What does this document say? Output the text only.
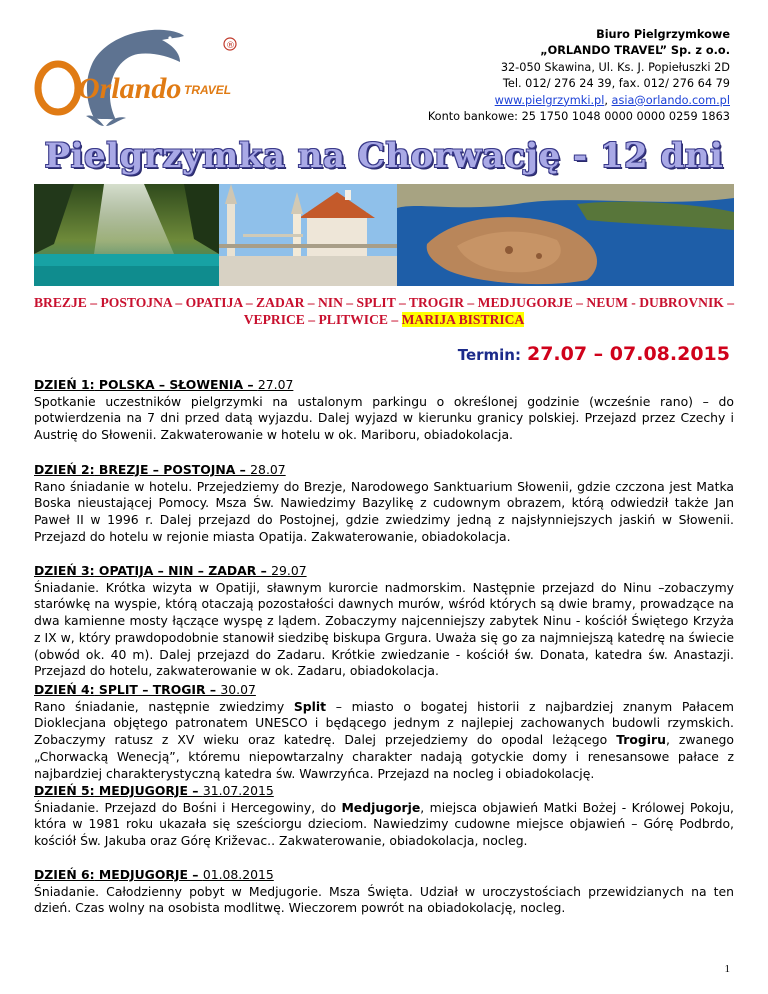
Orlando TRAVEL
®
Biuro Pielgrzymkowe
„ORLANDO TRAVEL” Sp. z o.o.
32-050 Skawina, Ul. Ks. J. Popiełuszki 2D
Tel. 012/ 276 24 39, fax. 012/ 276 64 79
www.pielgrzymki.pl, asia@orlando.com.pl
Konto bankowe: 25 1750 1048 0000 0000 0259 1863
Pielgrzymka na Chorwację - 12 dni
BREZJE – POSTOJNA – OPATIJA – ZADAR – NIN – SPLIT – TROGIR – MEDJUGORJE – NEUM - DUBROVNIK – VEPRICE – PLITWICE – MARIJA BISTRICA
Termin: 27.07 – 07.08.2015
DZIEŃ 1: POLSKA – SŁOWENIA – 27.07
Spotkanie uczestników pielgrzymki na ustalonym parkingu o określonej godzinie (wcześnie rano) – do potwierdzenia na 7 dni przed datą wyjazdu. Dalej wyjazd w kierunku granicy polskiej. Przejazd przez Czechy i Austrię do Słowenii. Zakwaterowanie w hotelu w ok. Mariboru, obiadokolacja.
DZIEŃ 2: BREZJE – POSTOJNA – 28.07
Rano śniadanie w hotelu. Przejedziemy do Brezje, Narodowego Sanktuarium Słowenii, gdzie czczona jest Matka Boska nieustającej Pomocy. Msza Św. Nawiedzimy Bazylikę z cudownym obrazem, którą odwiedził także Jan Paweł II w 1996 r. Dalej przejazd do Postojnej, gdzie zwiedzimy jedną z najsłynniejszych jaskiń w Słowenii. Przejazd do hotelu w rejonie miasta Opatija. Zakwaterowanie, obiadokolacja.
DZIEŃ 3: OPATIJA – NIN – ZADAR – 29.07
Śniadanie. Krótka wizyta w Opatiji, sławnym kurorcie nadmorskim. Następnie przejazd do Ninu –zobaczymy starówkę na wyspie, którą otaczają pozostałości dawnych murów, wśród których są dwie bramy, prowadzące na dwa kamienne mosty łączące wyspę z lądem. Zobaczymy najcenniejszy zabytek Ninu - kościół Świętego Krzyża z IX w, który prawdopodobnie stanowił siedzibę biskupa Grgura. Uważa się go za najmniejszą katedrę na świecie (obwód ok. 40 m). Dalej przejazd do Zadaru. Krótkie zwiedzanie - kościół św. Donata, katedra św. Anastazji. Przejazd do hotelu, zakwaterowanie w ok. Zadaru, obiadokolacja.
DZIEŃ 4: SPLIT – TROGIR – 30.07
Rano śniadanie, następnie zwiedzimy Split – miasto o bogatej historii z najbardziej znanym Pałacem Dioklecjana objętego patronatem UNESCO i będącego jednym z najlepiej zachowanych budowli rzymskich. Zobaczymy ratusz z XV wieku oraz katedrę. Dalej przejedziemy do opodal leżącego Trogiru, zwanego „Chorwacką Wenecją”, któremu niepowtarzalny charakter nadają gotyckie domy i renesansowe pałace z najbardziej charakterystyczną katedra św. Wawrzyńca. Przejazd na nocleg i obiadokolację.
DZIEŃ 5: MEDJUGORJE – 31.07.2015
Śniadanie. Przejazd do Bośni i Hercegowiny, do Medjugorje, miejsca objawień Matki Bożej - Królowej Pokoju, która w 1981 roku ukazała się sześciorgu dzieciom. Nawiedzimy cudowne miejsce objawień – Górę Podbrdo, kościół Św. Jakuba oraz Górę Križevac.. Zakwaterowanie, obiadokolacja, nocleg.
DZIEŃ 6: MEDJUGORJE – 01.08.2015
Śniadanie. Całodzienny pobyt w Medjugorie. Msza Święta. Udział w uroczystościach przewidzianych na ten dzień. Czas wolny na osobista modlitwę. Wieczorem powrót na obiadokolację, nocleg.
1
